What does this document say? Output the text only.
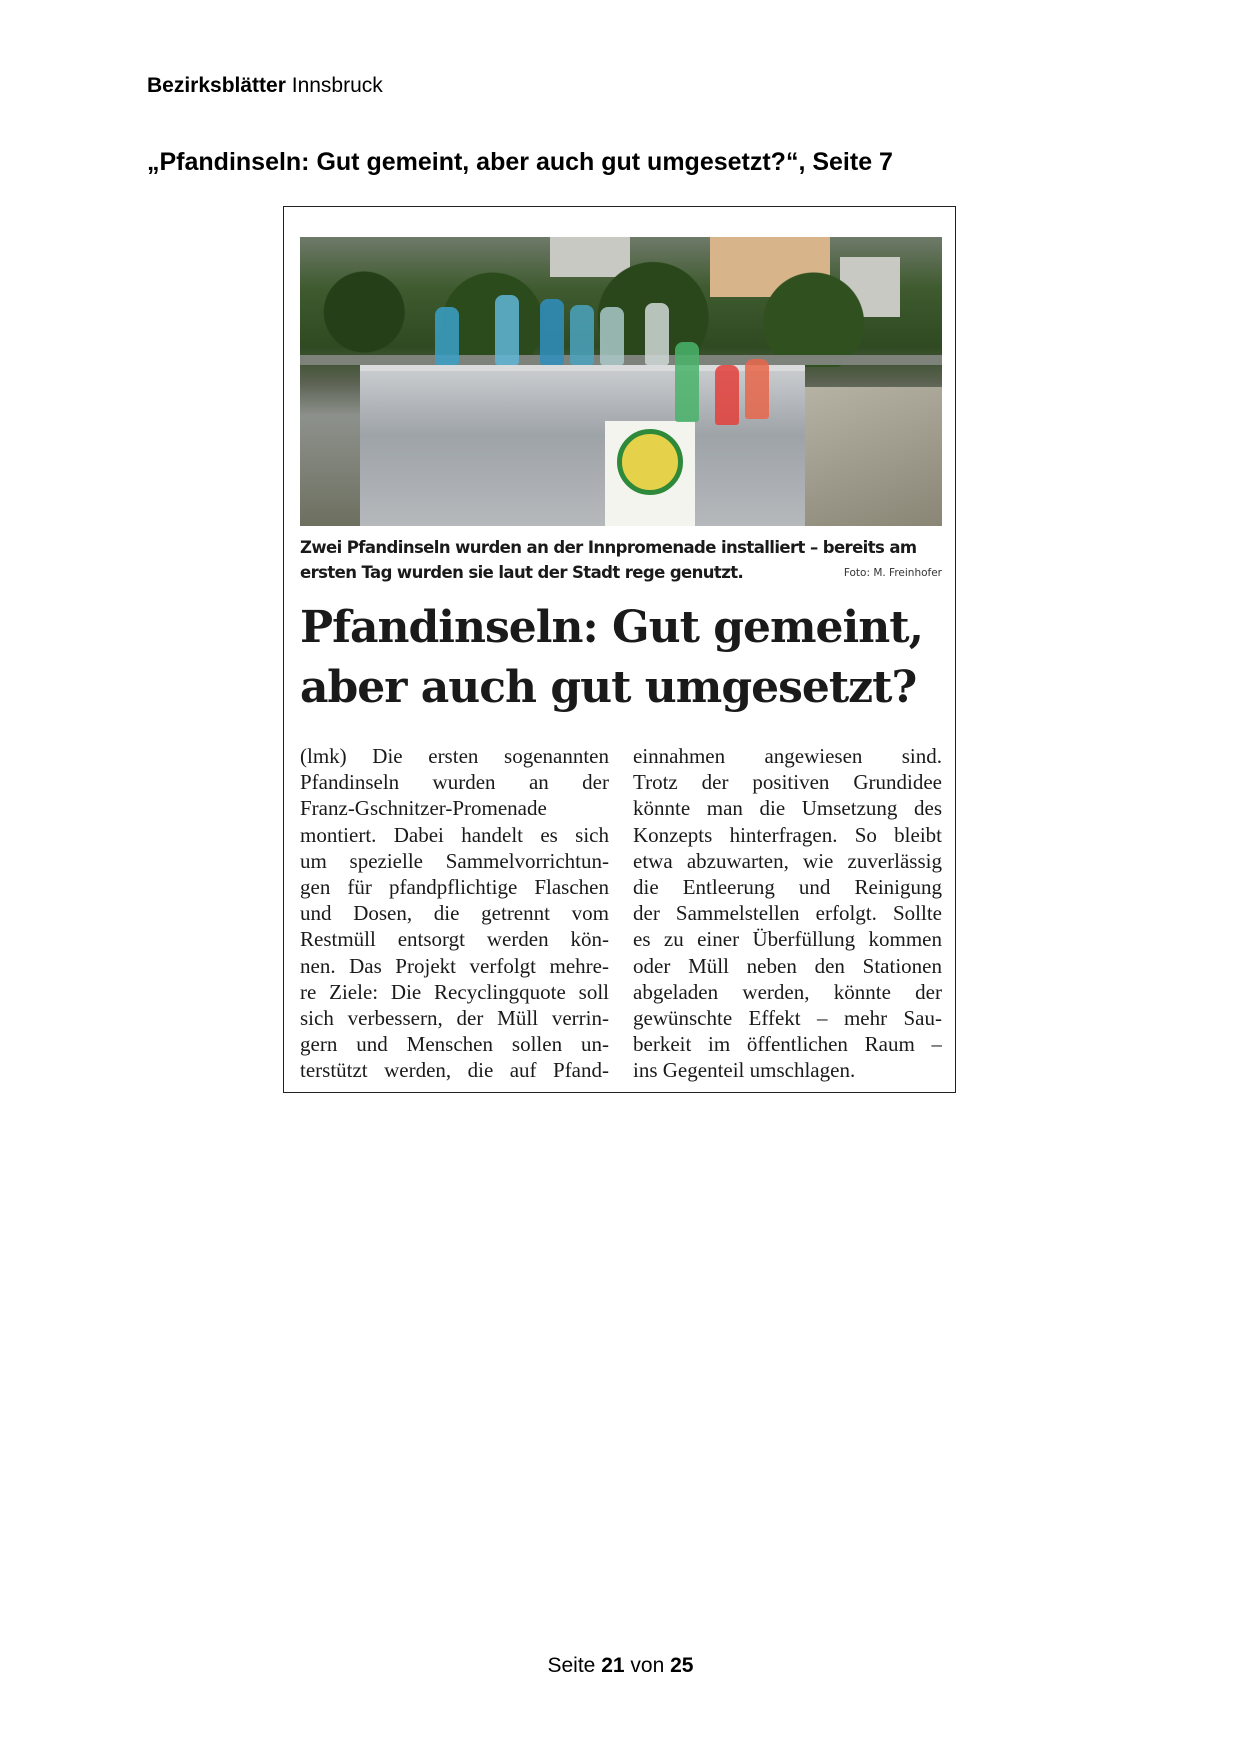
Bezirksblätter Innsbruck
„Pfandinseln: Gut gemeint, aber auch gut umgesetzt?“, Seite 7
Zwei Pfandinseln wurden an der Innpromenade installiert – bereits am ersten Tag wurden sie laut der Stadt rege genutzt.	Foto: M. Freinhofer
Pfandinseln: Gut gemeint,
aber auch gut umgesetzt?
(lmk) Die ersten sogenannten
Pfandinseln wurden an der
Franz-Gschnitzer-Promenade
montiert. Dabei handelt es sich
um spezielle Sammelvorrichtun-
gen für pfandpflichtige Flaschen
und Dosen, die getrennt vom
Restmüll entsorgt werden kön-
nen. Das Projekt verfolgt mehre-
re Ziele: Die Recyclingquote soll
sich verbessern, der Müll verrin-
gern und Menschen sollen un-
terstützt werden, die auf Pfand-
einnahmen angewiesen sind.
Trotz der positiven Grundidee
könnte man die Umsetzung des
Konzepts hinterfragen. So bleibt
etwa abzuwarten, wie zuverlässig
die Entleerung und Reinigung
der Sammelstellen erfolgt. Sollte
es zu einer Überfüllung kommen
oder Müll neben den Stationen
abgeladen werden, könnte der
gewünschte Effekt – mehr Sau-
berkeit im öffentlichen Raum –
ins Gegenteil umschlagen.
Seite 21 von 25
